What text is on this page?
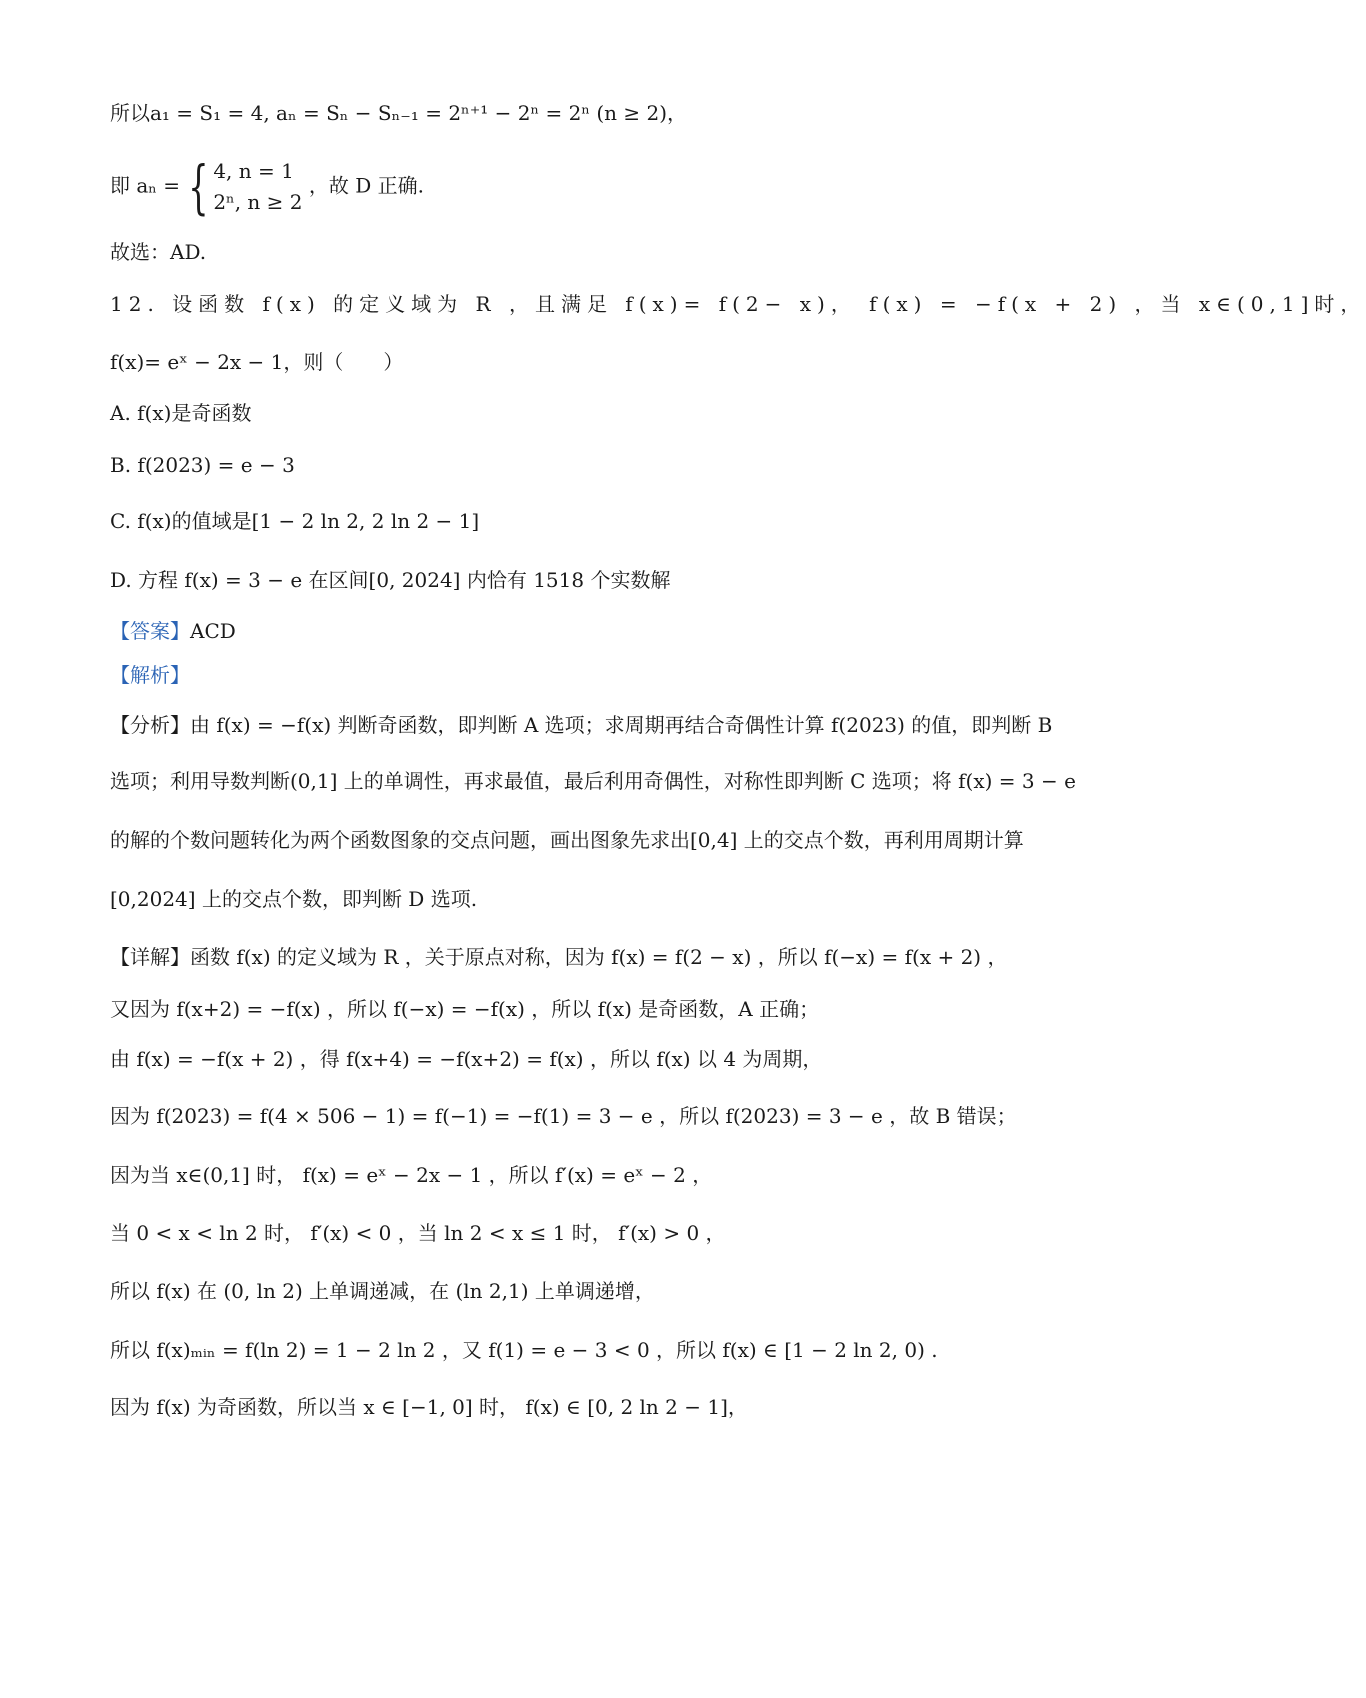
所以a₁ = S₁ = 4, aₙ = Sₙ − Sₙ₋₁ = 2ⁿ⁺¹ − 2ⁿ = 2ⁿ (n ≥ 2)，
即 aₙ = { 4, n = 1
2ⁿ, n ≥ 2
，故 D 正确.
故选：AD.
12. 设函数 f(x) 的定义域为 R ，且满足 f(x)= f(2− x)， f(x) = −f(x + 2) ，当 x∈(0,1]时，
f(x)= eˣ − 2x − 1，则（　　）
A. f(x)是奇函数
B. f(2023) = e − 3
C. f(x)的值域是[1 − 2 ln 2, 2 ln 2 − 1]
D. 方程 f(x) = 3 − e 在区间[0, 2024] 内恰有 1518 个实数解
【答案】ACD
【解析】
【分析】由 f(x) = −f(x) 判断奇函数，即判断 A 选项；求周期再结合奇偶性计算 f(2023) 的值，即判断 B
选项；利用导数判断(0,1] 上的单调性，再求最值，最后利用奇偶性，对称性即判断 C 选项；将 f(x) = 3 − e
的解的个数问题转化为两个函数图象的交点问题，画出图象先求出[0,4] 上的交点个数，再利用周期计算
[0,2024] 上的交点个数，即判断 D 选项.
【详解】函数 f(x) 的定义域为 R ，关于原点对称，因为 f(x) = f(2 − x) ，所以 f(−x) = f(x + 2) ，
又因为 f(x+2) = −f(x) ，所以 f(−x) = −f(x) ，所以 f(x) 是奇函数，A 正确；
由 f(x) = −f(x + 2) ，得 f(x+4) = −f(x+2) = f(x) ，所以 f(x) 以 4 为周期，
因为 f(2023) = f(4 × 506 − 1) = f(−1) = −f(1) = 3 − e ，所以 f(2023) = 3 − e ，故 B 错误；
因为当 x∈(0,1] 时， f(x) = eˣ − 2x − 1 ，所以 f′(x) = eˣ − 2 ，
当 0 < x < ln 2 时， f′(x) < 0 ，当 ln 2 < x ≤ 1 时， f′(x) > 0 ，
所以 f(x) 在 (0, ln 2) 上单调递减，在 (ln 2,1) 上单调递增，
所以 f(x)ₘᵢₙ = f(ln 2) = 1 − 2 ln 2 ，又 f(1) = e − 3 < 0 ，所以 f(x) ∈ [1 − 2 ln 2, 0) .
因为 f(x) 为奇函数，所以当 x ∈ [−1, 0] 时， f(x) ∈ [0, 2 ln 2 − 1]，
